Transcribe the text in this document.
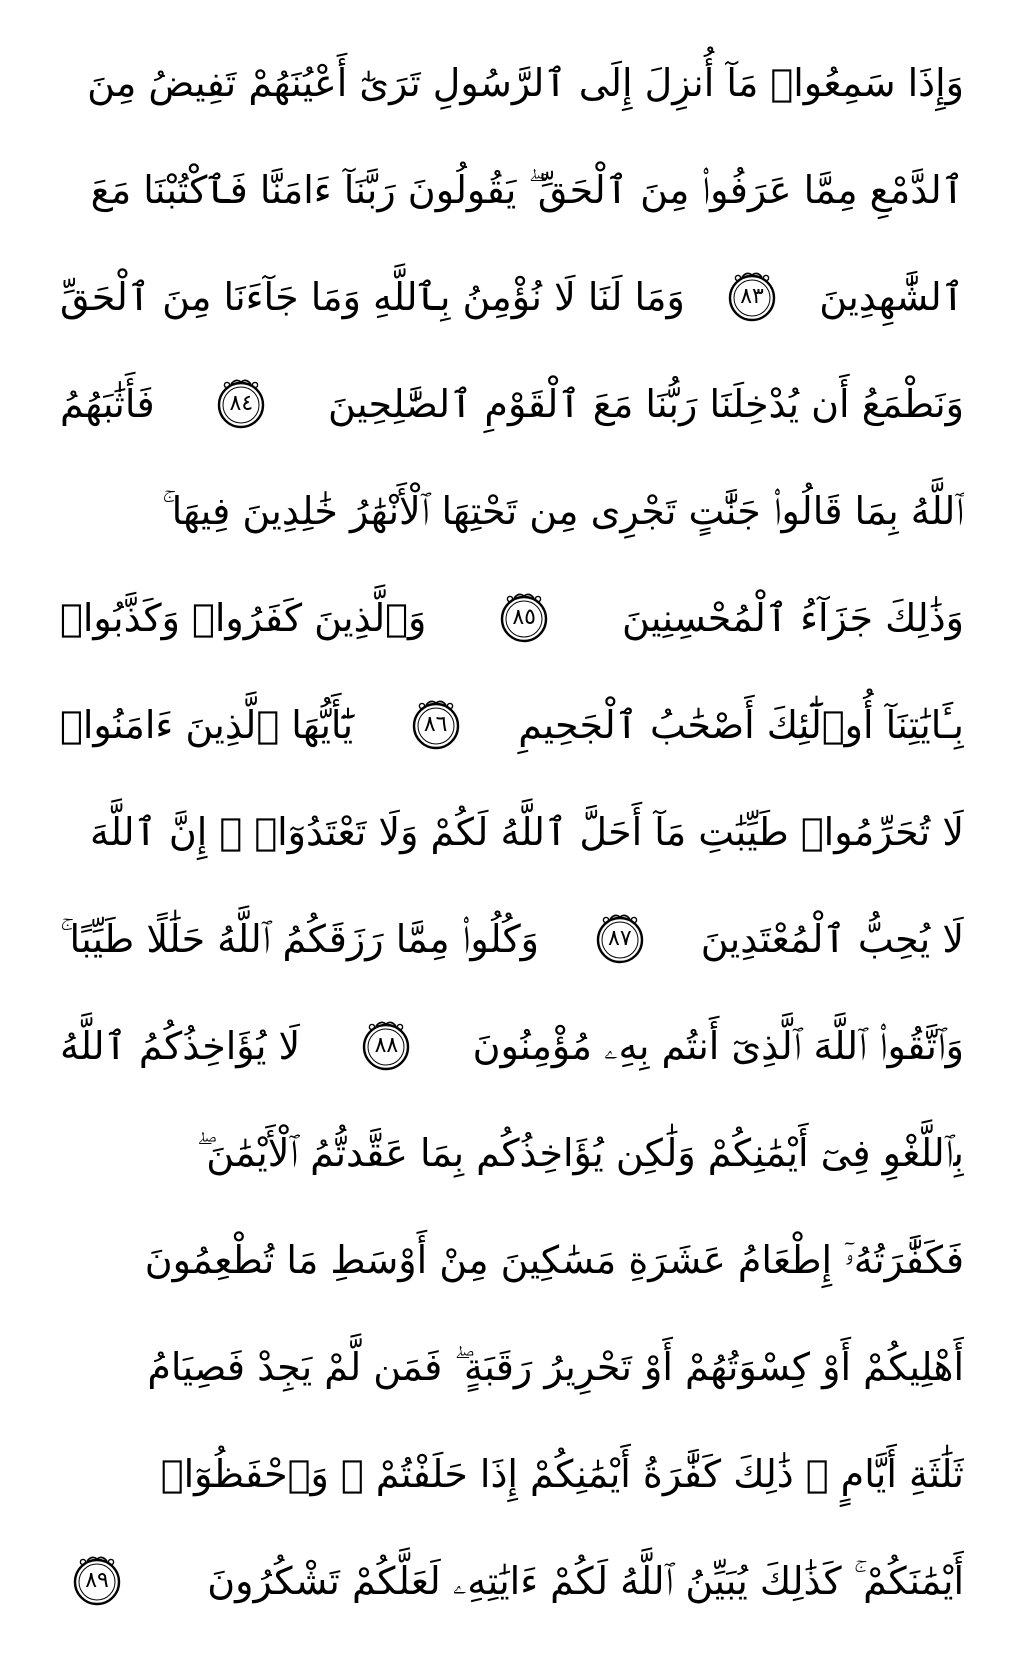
وَإِذَا سَمِعُوا۟ مَآ أُنزِلَ إِلَى ٱلرَّسُولِ تَرَىٰٓ أَعْيُنَهُمْ تَفِيضُ مِنَ
ٱلدَّمْعِ مِمَّا عَرَفُوا۟ مِنَ ٱلْحَقِّ ۖ يَقُولُونَ رَبَّنَآ ءَامَنَّا فَٱكْتُبْنَا مَعَ
ٱلشَّٰهِدِينَ
٨٣
وَمَا لَنَا لَا نُؤْمِنُ بِٱللَّهِ وَمَا جَآءَنَا مِنَ ٱلْحَقِّ
وَنَطْمَعُ أَن يُدْخِلَنَا رَبُّنَا مَعَ ٱلْقَوْمِ ٱلصَّٰلِحِينَ
٨٤
فَأَثَٰبَهُمُ
ٱللَّهُ بِمَا قَالُوا۟ جَنَّٰتٍ تَجْرِى مِن تَحْتِهَا ٱلْأَنْهَٰرُ خَٰلِدِينَ فِيهَا ۚ
وَذَٰلِكَ جَزَآءُ ٱلْمُحْسِنِينَ
٨٥
وَٱلَّذِينَ كَفَرُوا۟ وَكَذَّبُوا۟
بِـَٔايَٰتِنَآ أُو۟لَٰٓئِكَ أَصْحَٰبُ ٱلْجَحِيمِ
٨٦
يَٰٓأَيُّهَا ٱلَّذِينَ ءَامَنُوا۟
لَا تُحَرِّمُوا۟ طَيِّبَٰتِ مَآ أَحَلَّ ٱللَّهُ لَكُمْ وَلَا تَعْتَدُوٓا۟ ۚ إِنَّ ٱللَّهَ
لَا يُحِبُّ ٱلْمُعْتَدِينَ
٨٧
وَكُلُوا۟ مِمَّا رَزَقَكُمُ ٱللَّهُ حَلَٰلًا طَيِّبًا ۚ
وَٱتَّقُوا۟ ٱللَّهَ ٱلَّذِىٓ أَنتُم بِهِۦ مُؤْمِنُونَ
٨٨
لَا يُؤَاخِذُكُمُ ٱللَّهُ
بِٱللَّغْوِ فِىٓ أَيْمَٰنِكُمْ وَلَٰكِن يُؤَاخِذُكُم بِمَا عَقَّدتُّمُ ٱلْأَيْمَٰنَ ۖ
فَكَفَّٰرَتُهُۥٓ إِطْعَامُ عَشَرَةِ مَسَٰكِينَ مِنْ أَوْسَطِ مَا تُطْعِمُونَ
أَهْلِيكُمْ أَوْ كِسْوَتُهُمْ أَوْ تَحْرِيرُ رَقَبَةٍ ۖ فَمَن لَّمْ يَجِدْ فَصِيَامُ
ثَلَٰثَةِ أَيَّامٍ ۚ ذَٰلِكَ كَفَّٰرَةُ أَيْمَٰنِكُمْ إِذَا حَلَفْتُمْ ۚ وَٱحْفَظُوٓا۟
أَيْمَٰنَكُمْ ۚ كَذَٰلِكَ يُبَيِّنُ ٱللَّهُ لَكُمْ ءَايَٰتِهِۦ لَعَلَّكُمْ تَشْكُرُونَ
٨٩
